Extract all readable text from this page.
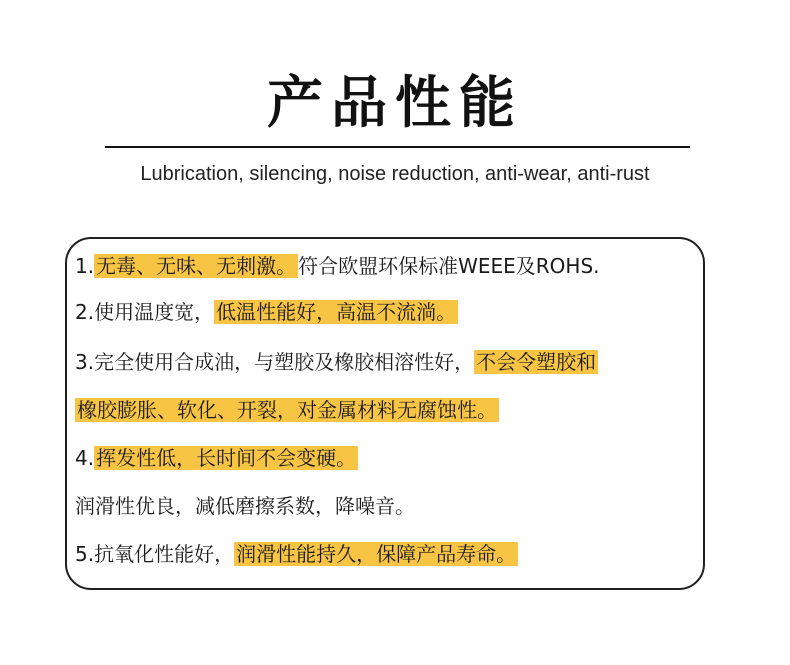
产品性能
Lubrication, silencing, noise reduction, anti-wear, anti-rust
1. 无毒、无味、无刺激。 符合欧盟环保标准WEEE及ROHS.
2.使用温度宽， 低温性能好，高温不流淌。
3.完全使用合成油，与塑胶及橡胶相溶性好， 不会令塑胶和
橡胶膨胀、软化、开裂，对金属材料无腐蚀性。
4. 挥发性低，长时间不会变硬。
润滑性优良，减低磨擦系数，降噪音。
5.抗氧化性能好， 润滑性能持久，保障产品寿命。
